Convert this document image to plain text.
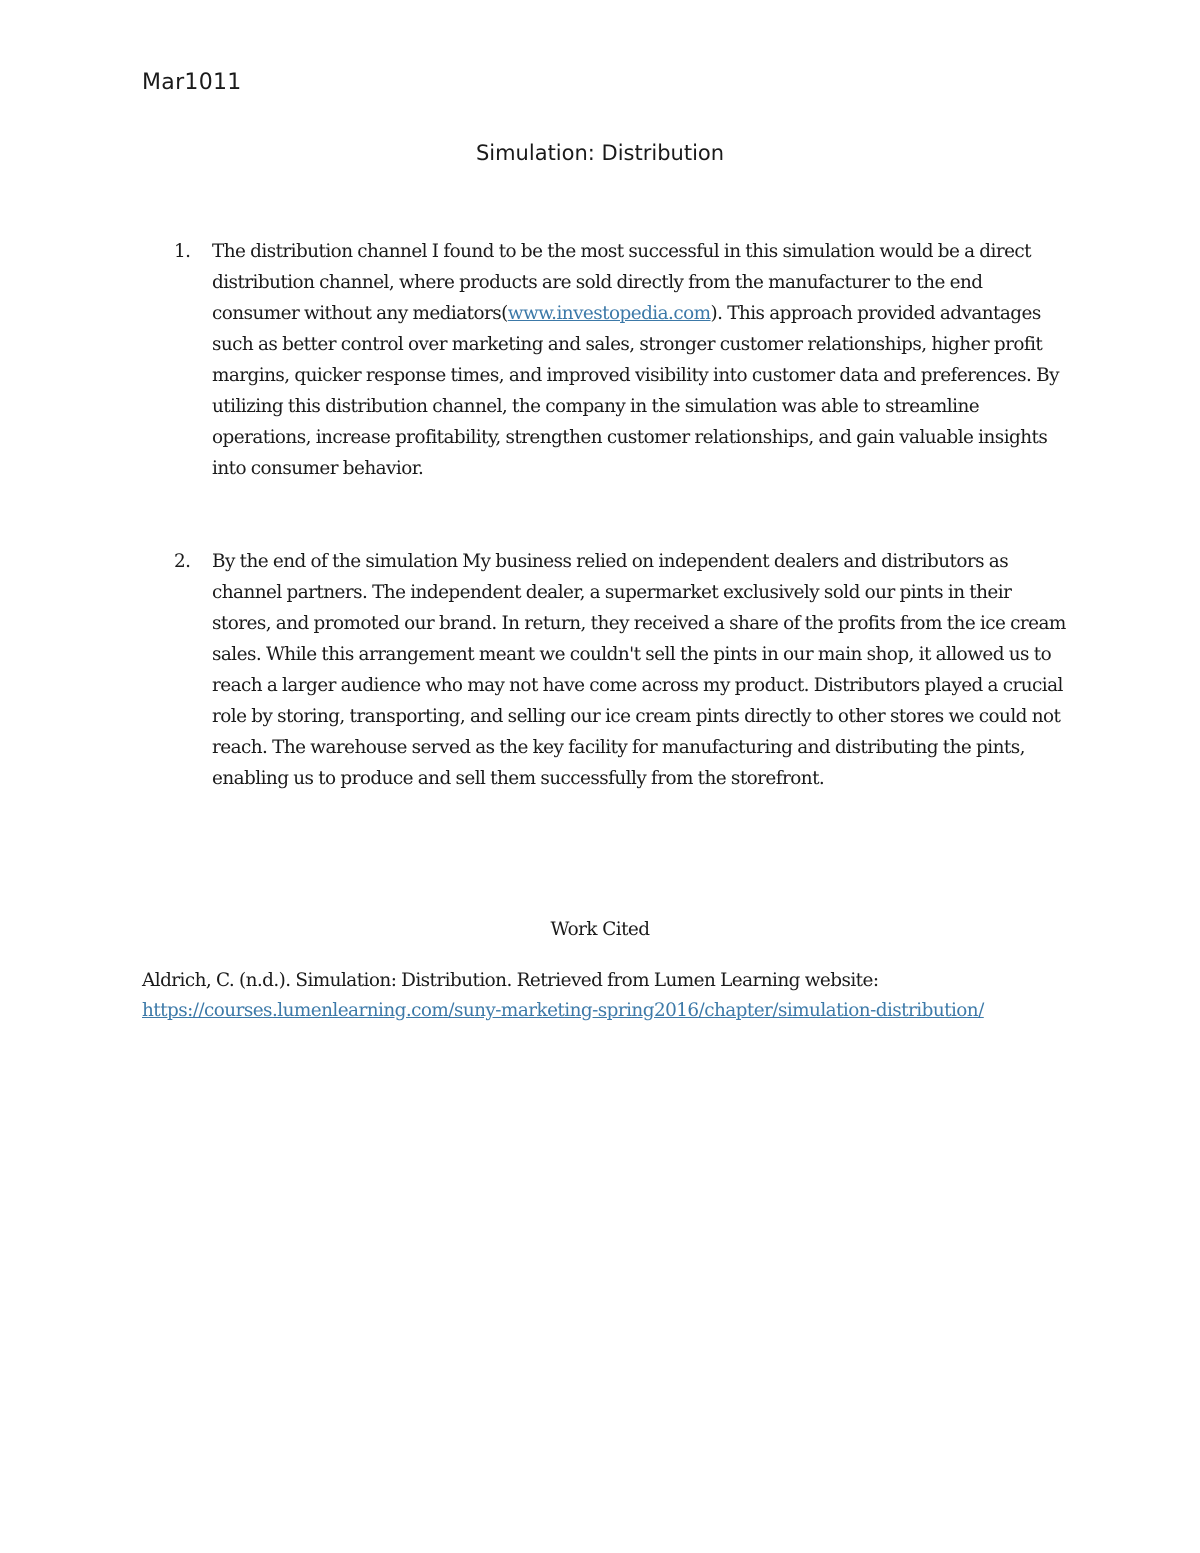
Mar1011
Simulation: Distribution
1.	The distribution channel I found to be the most successful in this simulation would be a direct distribution channel, where products are sold directly from the manufacturer to the end consumer without any mediators(www.investopedia.com). This approach provided advantages such as better control over marketing and sales, stronger customer relationships, higher profit margins, quicker response times, and improved visibility into customer data and preferences. By utilizing this distribution channel, the company in the simulation was able to streamline operations, increase profitability, strengthen customer relationships, and gain valuable insights into consumer behavior.
2.	By the end of the simulation My business relied on independent dealers and distributors as channel partners. The independent dealer, a supermarket exclusively sold our pints in their stores, and promoted our brand. In return, they received a share of the profits from the ice cream sales. While this arrangement meant we couldn't sell the pints in our main shop, it allowed us to reach a larger audience who may not have come across my product. Distributors played a crucial role by storing, transporting, and selling our ice cream pints directly to other stores we could not reach. The warehouse served as the key facility for manufacturing and distributing the pints, enabling us to produce and sell them successfully from the storefront.
Work Cited
Aldrich, C. (n.d.). Simulation: Distribution. Retrieved from Lumen Learning website:
https://courses.lumenlearning.com/suny-marketing-spring2016/chapter/simulation-distribution/
